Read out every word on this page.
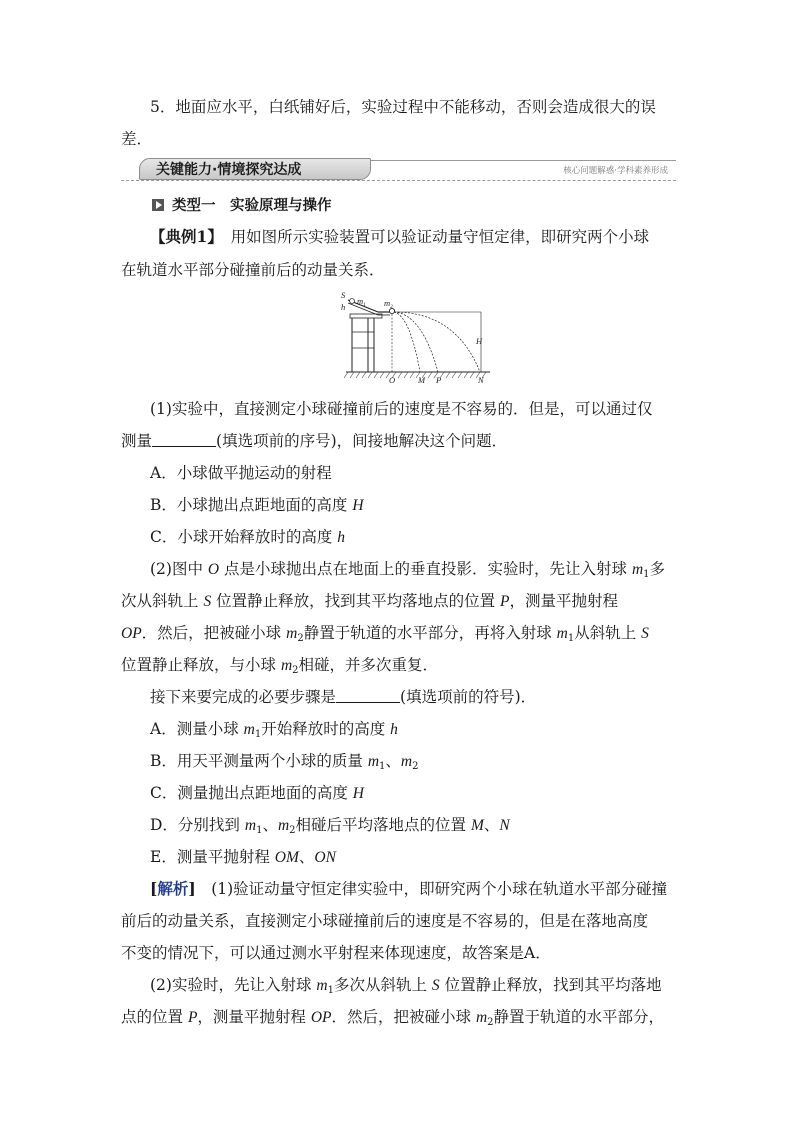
5．地面应水平，白纸铺好后，实验过程中不能移动，否则会造成很大的误
差．
关键能力·情境探究达成	核心问题解惑·学科素养形成
类型一　实验原理与操作
【典例1】　用如图所示实验装置可以验证动量守恒定律，即研究两个小球
在轨道水平部分碰撞前后的动量关系．
S
h
$m_1$ $m_2$
H
O	M P	N
(1)实验中，直接测定小球碰撞前后的速度是不容易的．但是，可以通过仅
测量	(填选项前的序号)，间接地解决这个问题．
A．小球做平抛运动的射程
B．小球抛出点距地面的高度 H
C．小球开始释放时的高度 h
(2)图中 O 点是小球抛出点在地面上的垂直投影．实验时，先让入射球 $m_1$多
次从斜轨上 S 位置静止释放，找到其平均落地点的位置 P，测量平抛射程
OP．然后，把被碰小球 $m_2$静置于轨道的水平部分，再将入射球 $m_1$从斜轨上 S
位置静止释放，与小球 $m_2$相碰，并多次重复．
接下来要完成的必要步骤是	(填选项前的符号)．
A．测量小球 $m_1$开始释放时的高度 h
B．用天平测量两个小球的质量 $m_1$、$m_2$
C．测量抛出点距地面的高度 H
D．分别找到 $m_1$、$m_2$相碰后平均落地点的位置 M、N
E．测量平抛射程 OM、ON
[解析]　(1)验证动量守恒定律实验中，即研究两个小球在轨道水平部分碰撞
前后的动量关系，直接测定小球碰撞前后的速度是不容易的，但是在落地高度
不变的情况下，可以通过测水平射程来体现速度，故答案是A．
(2)实验时，先让入射球 $m_1$多次从斜轨上 S 位置静止释放，找到其平均落地
点的位置 P，测量平抛射程 OP．然后，把被碰小球 $m_2$静置于轨道的水平部分，
